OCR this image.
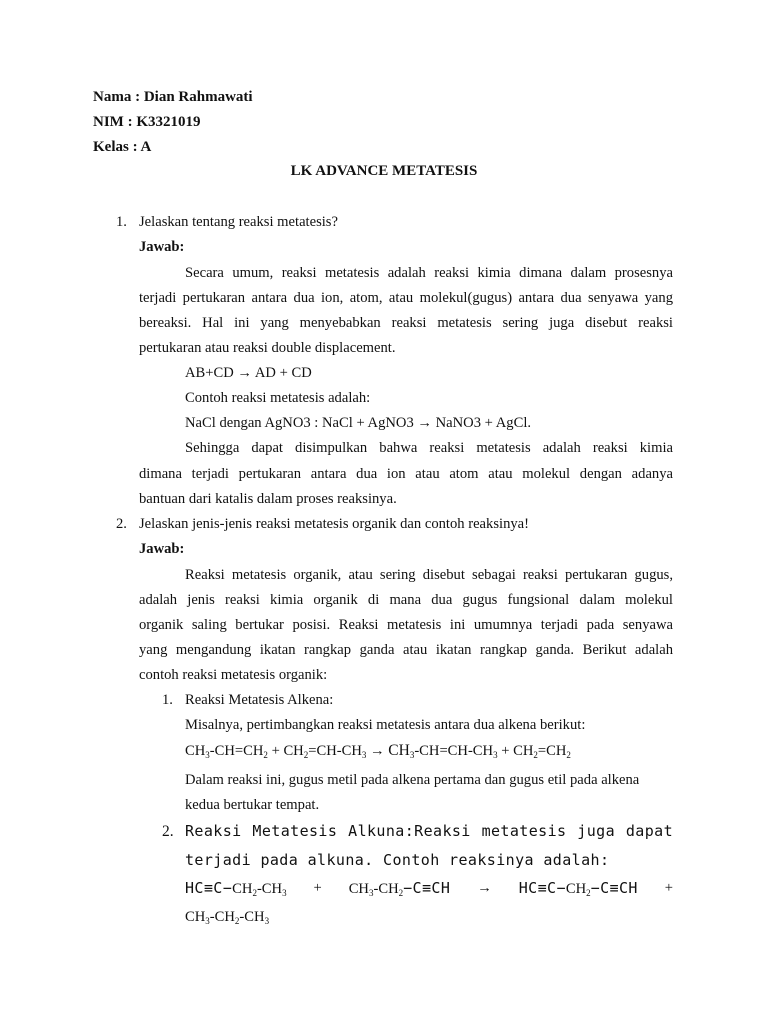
Nama : Dian Rahmawati
NIM : K3321019
Kelas : A
LK ADVANCE METATESIS
1. Jelaskan tentang reaksi metatesis?
Jawab:
Secara umum, reaksi metatesis adalah reaksi kimia dimana dalam prosesnya
terjadi pertukaran antara dua ion, atom, atau molekul(gugus) antara dua senyawa yang
bereaksi. Hal ini yang menyebabkan reaksi metatesis sering juga disebut reaksi
pertukaran atau reaksi double displacement.
AB+CD → AD + CD
Contoh reaksi metatesis adalah:
NaCl dengan AgNO3 : NaCl + AgNO3 → NaNO3 + AgCl.
Sehingga dapat disimpulkan bahwa reaksi metatesis adalah reaksi kimia
dimana terjadi pertukaran antara dua ion atau atom atau molekul dengan adanya
bantuan dari katalis dalam proses reaksinya.
2. Jelaskan jenis-jenis reaksi metatesis organik dan contoh reaksinya!
Jawab:
Reaksi metatesis organik, atau sering disebut sebagai reaksi pertukaran gugus,
adalah jenis reaksi kimia organik di mana dua gugus fungsional dalam molekul
organik saling bertukar posisi. Reaksi metatesis ini umumnya terjadi pada senyawa
yang mengandung ikatan rangkap ganda atau ikatan rangkap ganda. Berikut adalah
contoh reaksi metatesis organik:
1. Reaksi Metatesis Alkena:
Misalnya, pertimbangkan reaksi metatesis antara dua alkena berikut:
$CH_3-CH=CH_2 + CH_2=CH-CH_3 \to CH_3-CH=CH-CH_3 + CH_2=CH_2$
Dalam reaksi ini, gugus metil pada alkena pertama dan gugus etil pada alkena
kedua bertukar tempat.
2. Reaksi Metatesis Alkuna:Reaksi metatesis juga dapat
terjadi pada alkuna. Contoh reaksinya adalah:
$HC\equiv C-CH_2-CH_3 + CH_3-CH_2-C\equiv CH \to HC\equiv C-CH_2-C\equiv CH$ +
$CH_3-CH_2-CH_3$
